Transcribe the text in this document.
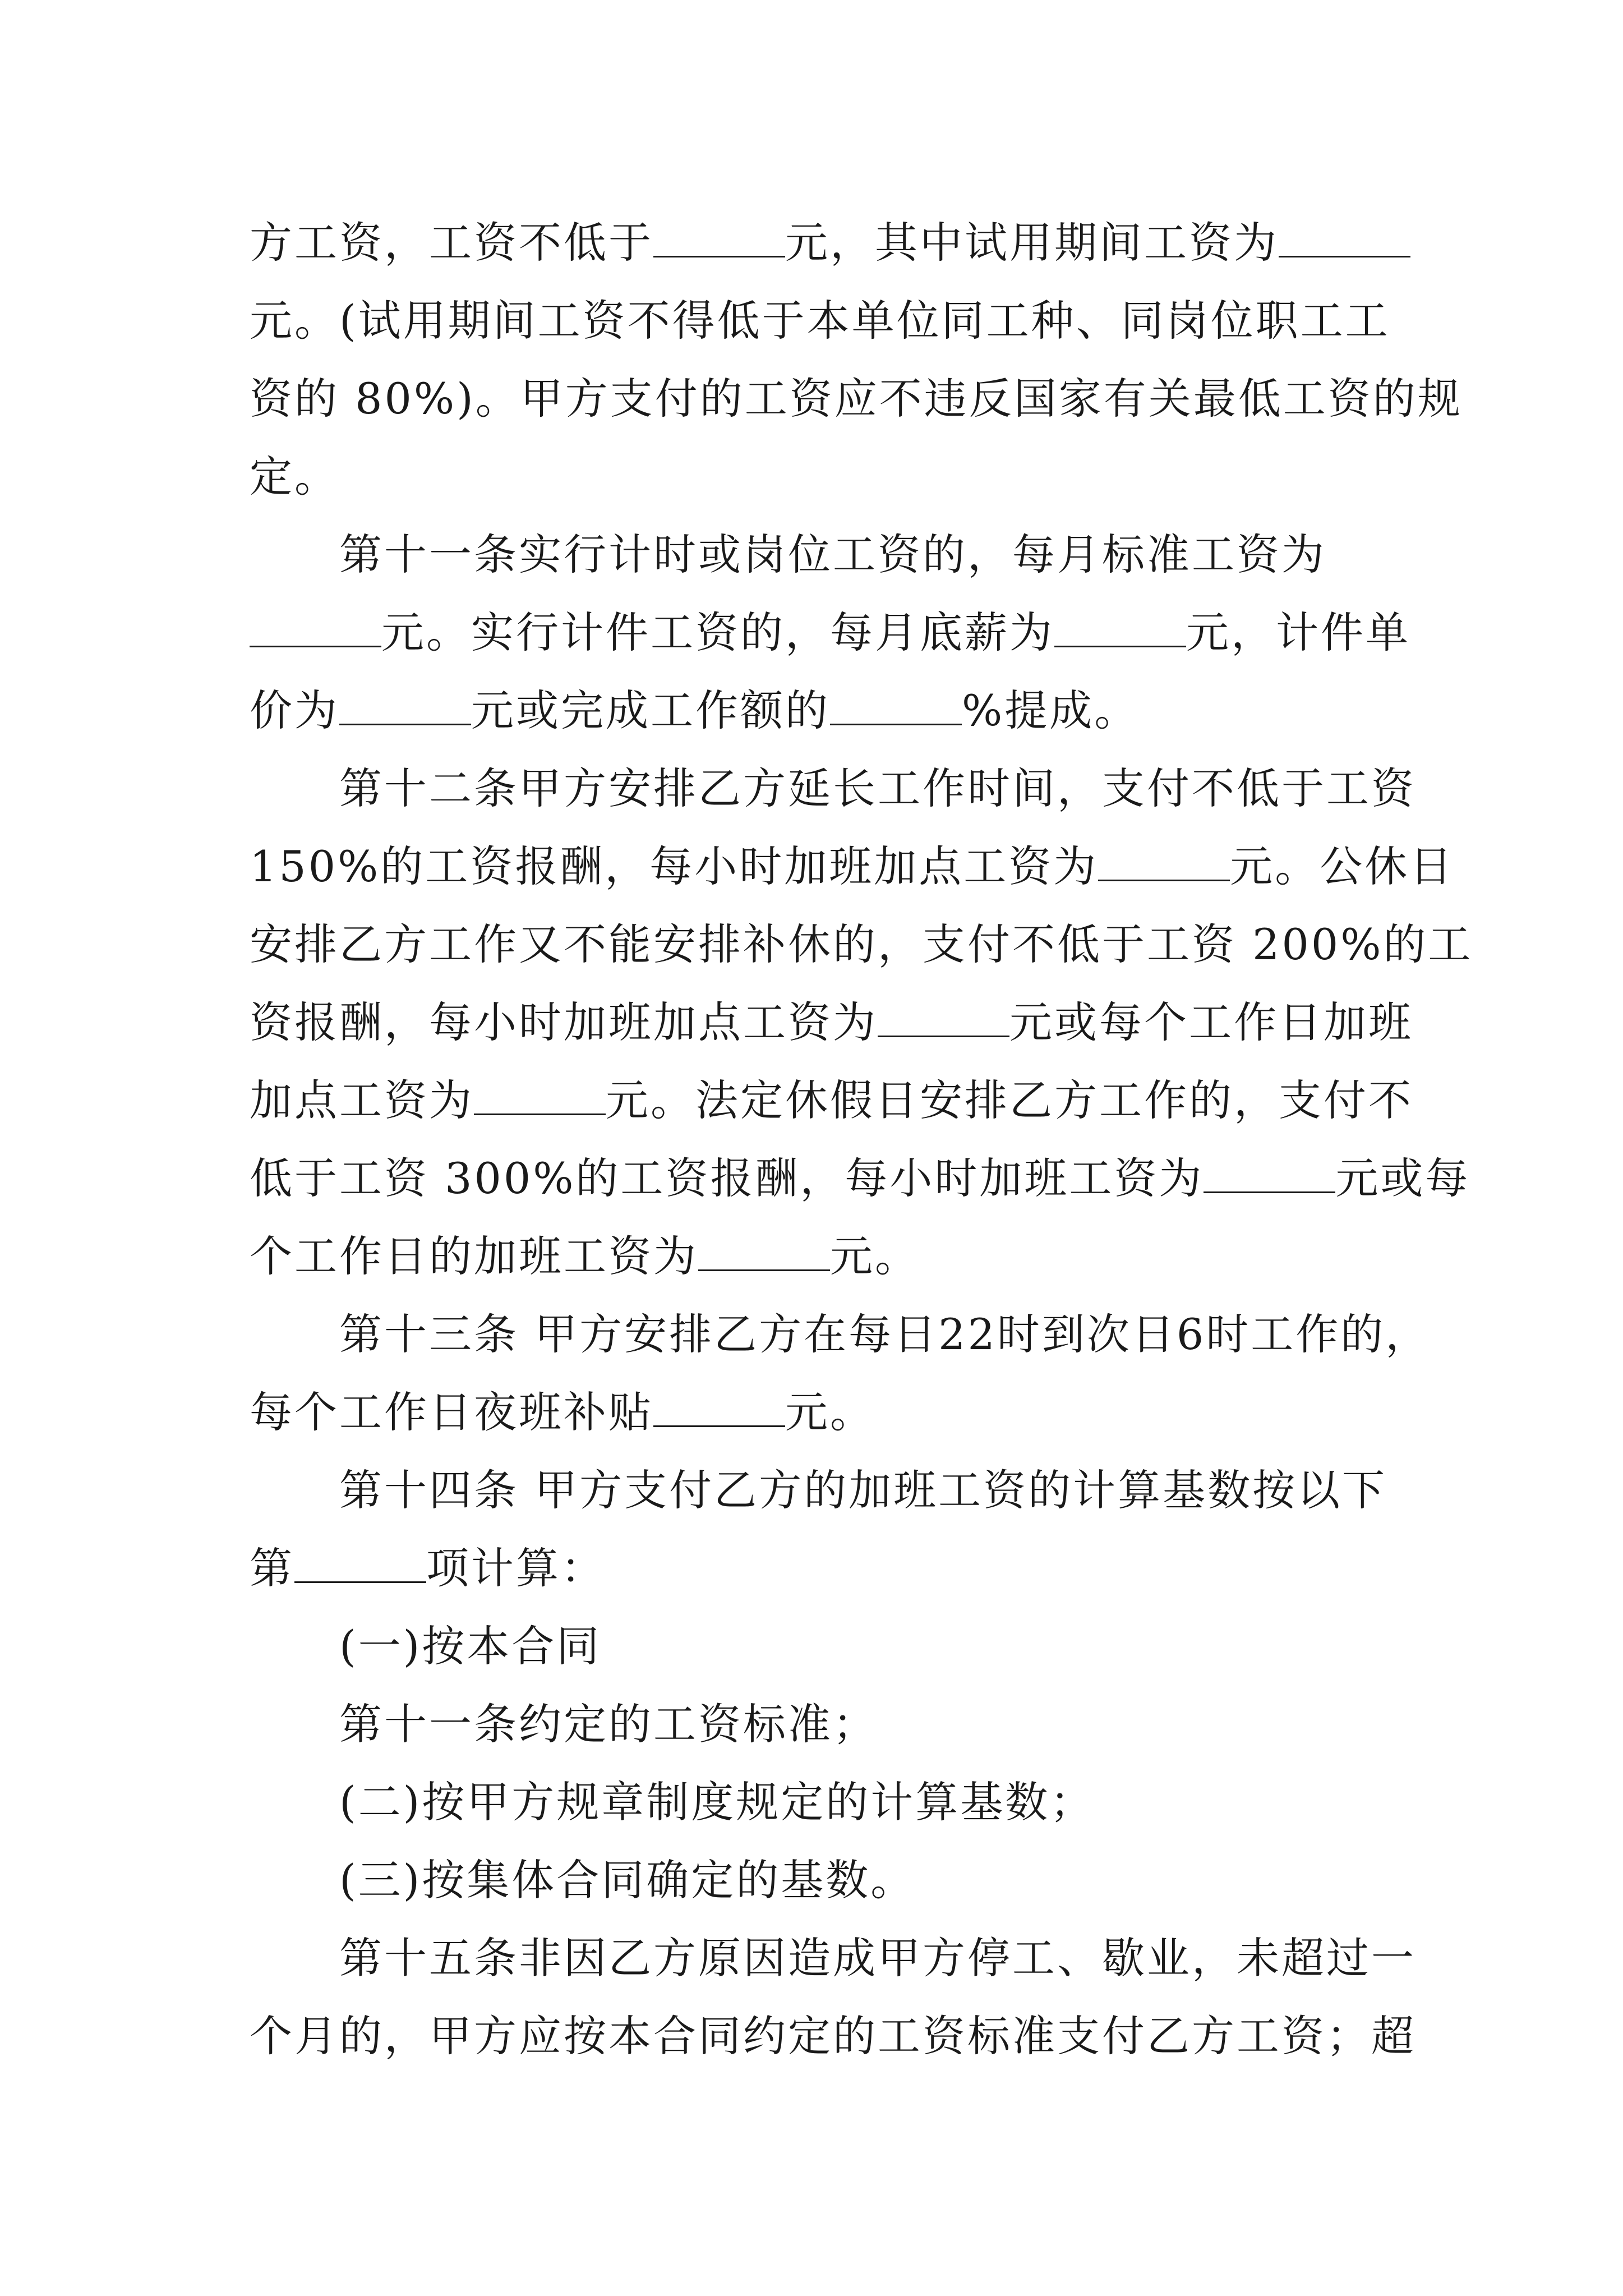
方工资，工资不低于	元，其中试用期间工资为
元。(试用期间工资不得低于本单位同工种、同岗位职工工
资的 80%)。甲方支付的工资应不违反国家有关最低工资的规
定。
第十一条实行计时或岗位工资的，每月标准工资为
元。实行计件工资的，每月底薪为	元，计件单
价为	元或完成工作额的	%提成。
第十二条甲方安排乙方延长工作时间，支付不低于工资
150%的工资报酬，每小时加班加点工资为	元。公休日
安排乙方工作又不能安排补休的，支付不低于工资 200%的工
资报酬，每小时加班加点工资为	元或每个工作日加班
加点工资为	元。法定休假日安排乙方工作的，支付不
低于工资 300%的工资报酬，每小时加班工资为	元或每
个工作日的加班工资为	元。
第十三条 甲方安排乙方在每日22时到次日6时工作的，
每个工作日夜班补贴	元。
第十四条 甲方支付乙方的加班工资的计算基数按以下
第	项计算：
(一)按本合同
第十一条约定的工资标准；
(二)按甲方规章制度规定的计算基数；
(三)按集体合同确定的基数。
第十五条非因乙方原因造成甲方停工、歇业，未超过一
个月的，甲方应按本合同约定的工资标准支付乙方工资；超
